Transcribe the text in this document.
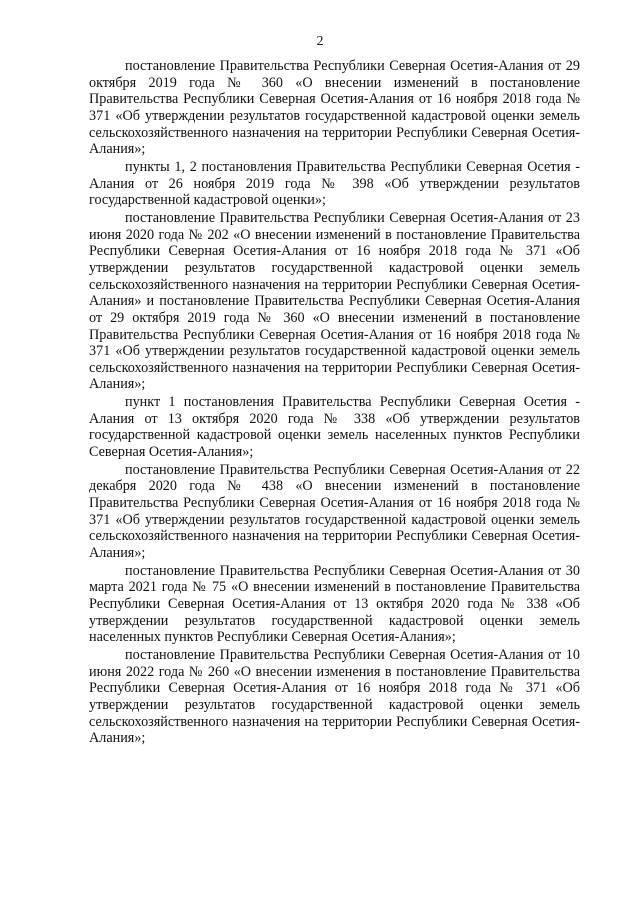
2

постановление Правительства Республики Северная Осетия-Алания от 29 октября 2019 года № 360 «О внесении изменений в постановление Правительства Республики Северная Осетия-Алания от 16 ноября 2018 года № 371 «Об утверждении результатов государственной кадастровой оценки земель сельскохозяйственного назначения на территории Республики Северная Осетия-Алания»;

пункты 1, 2 постановления Правительства Республики Северная Осетия - Алания от 26 ноября 2019 года № 398 «Об утверждении результатов государственной кадастровой оценки»;

постановление Правительства Республики Северная Осетия-Алания от 23 июня 2020 года № 202 «О внесении изменений в постановление Правительства Республики Северная Осетия-Алания от 16 ноября 2018 года № 371 «Об утверждении результатов государственной кадастровой оценки земель сельскохозяйственного назначения на территории Республики Северная Осетия-Алания» и постановление Правительства Республики Северная Осетия-Алания от 29 октября 2019 года № 360 «О внесении изменений в постановление Правительства Республики Северная Осетия-Алания от 16 ноября 2018 года № 371 «Об утверждении результатов государственной кадастровой оценки земель сельскохозяйственного назначения на территории Республики Северная Осетия-Алания»;

пункт 1 постановления Правительства Республики Северная Осетия - Алания от 13 октября 2020 года № 338 «Об утверждении результатов государственной кадастровой оценки земель населенных пунктов Республики Северная Осетия-Алания»;

постановление Правительства Республики Северная Осетия-Алания от 22 декабря 2020 года № 438 «О внесении изменений в постановление Правительства Республики Северная Осетия-Алания от 16 ноября 2018 года № 371 «Об утверждении результатов государственной кадастровой оценки земель сельскохозяйственного назначения на территории Республики Северная Осетия-Алания»;

постановление Правительства Республики Северная Осетия-Алания от 30 марта 2021 года № 75 «О внесении изменений в постановление Правительства Республики Северная Осетия-Алания от 13 октября 2020 года № 338 «Об утверждении результатов государственной кадастровой оценки земель населенных пунктов Республики Северная Осетия-Алания»;

постановление Правительства Республики Северная Осетия-Алания от 10 июня 2022 года № 260 «О внесении изменения в постановление Правительства Республики Северная Осетия-Алания от 16 ноября 2018 года № 371 «Об утверждении результатов государственной кадастровой оценки земель сельскохозяйственного назначения на территории Республики Северная Осетия-Алания»;
